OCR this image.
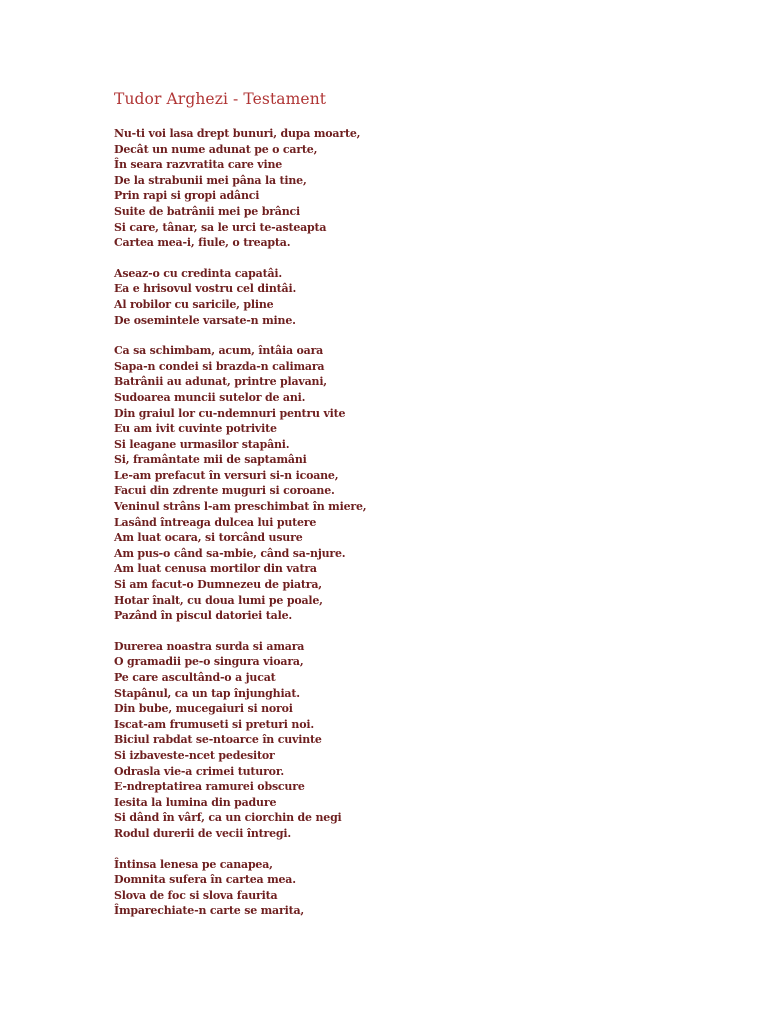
Tudor Arghezi - Testament
Nu-ti voi lasa drept bunuri, dupa moarte,
Decât un nume adunat pe o carte,
În seara razvratita care vine
De la strabunii mei pâna la tine,
Prin rapi si gropi adânci
Suite de batrânii mei pe brânci
Si care, tânar, sa le urci te-asteapta
Cartea mea-i, fiule, o treapta.
Aseaz-o cu credinta capatâi.
Ea e hrisovul vostru cel dintâi.
Al robilor cu saricile, pline
De osemintele varsate-n mine.
Ca sa schimbam, acum, întâia oara
Sapa-n condei si brazda-n calimara
Batrânii au adunat, printre plavani,
Sudoarea muncii sutelor de ani.
Din graiul lor cu-ndemnuri pentru vite
Eu am ivit cuvinte potrivite
Si leagane urmasilor stapâni.
Si, framântate mii de saptamâni
Le-am prefacut în versuri si-n icoane,
Facui din zdrente muguri si coroane.
Veninul strâns l-am preschimbat în miere,
Lasând întreaga dulcea lui putere
Am luat ocara, si torcând usure
Am pus-o când sa-mbie, când sa-njure.
Am luat cenusa mortilor din vatra
Si am facut-o Dumnezeu de piatra,
Hotar înalt, cu doua lumi pe poale,
Pazând în piscul datoriei tale.
Durerea noastra surda si amara
O gramadii pe-o singura vioara,
Pe care ascultând-o a jucat
Stapânul, ca un tap înjunghiat.
Din bube, mucegaiuri si noroi
Iscat-am frumuseti si preturi noi.
Biciul rabdat se-ntoarce în cuvinte
Si izbaveste-ncet pedesitor
Odrasla vie-a crimei tuturor.
E-ndreptatirea ramurei obscure
Iesita la lumina din padure
Si dând în vârf, ca un ciorchin de negi
Rodul durerii de vecii întregi.
Întinsa lenesa pe canapea,
Domnita sufera în cartea mea.
Slova de foc si slova faurita
Împarechiate-n carte se marita,
